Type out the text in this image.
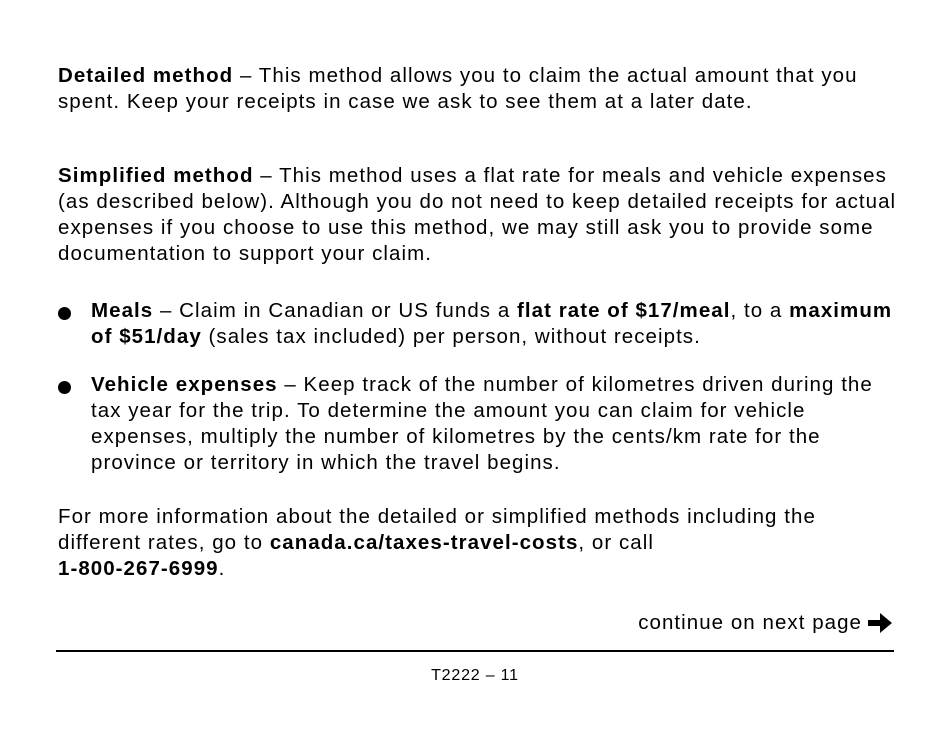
Detailed method – This method allows you to claim the actual amount that you spent. Keep your receipts in case we ask to see them at a later date.

Simplified method – This method uses a flat rate for meals and vehicle expenses (as described below). Although you do not need to keep detailed receipts for actual expenses if you choose to use this method, we may still ask you to provide some documentation to support your claim.

Meals – Claim in Canadian or US funds a flat rate of $17/meal, to a maximum of $51/day (sales tax included) per person, without receipts.

Vehicle expenses – Keep track of the number of kilometres driven during the tax year for the trip. To determine the amount you can claim for vehicle expenses, multiply the number of kilometres by the cents/km rate for the province or territory in which the travel begins.

For more information about the detailed or simplified methods including the different rates, go to canada.ca/taxes-travel-costs, or call
1-800-267-6999.

continue on next page
T2222 – 11
